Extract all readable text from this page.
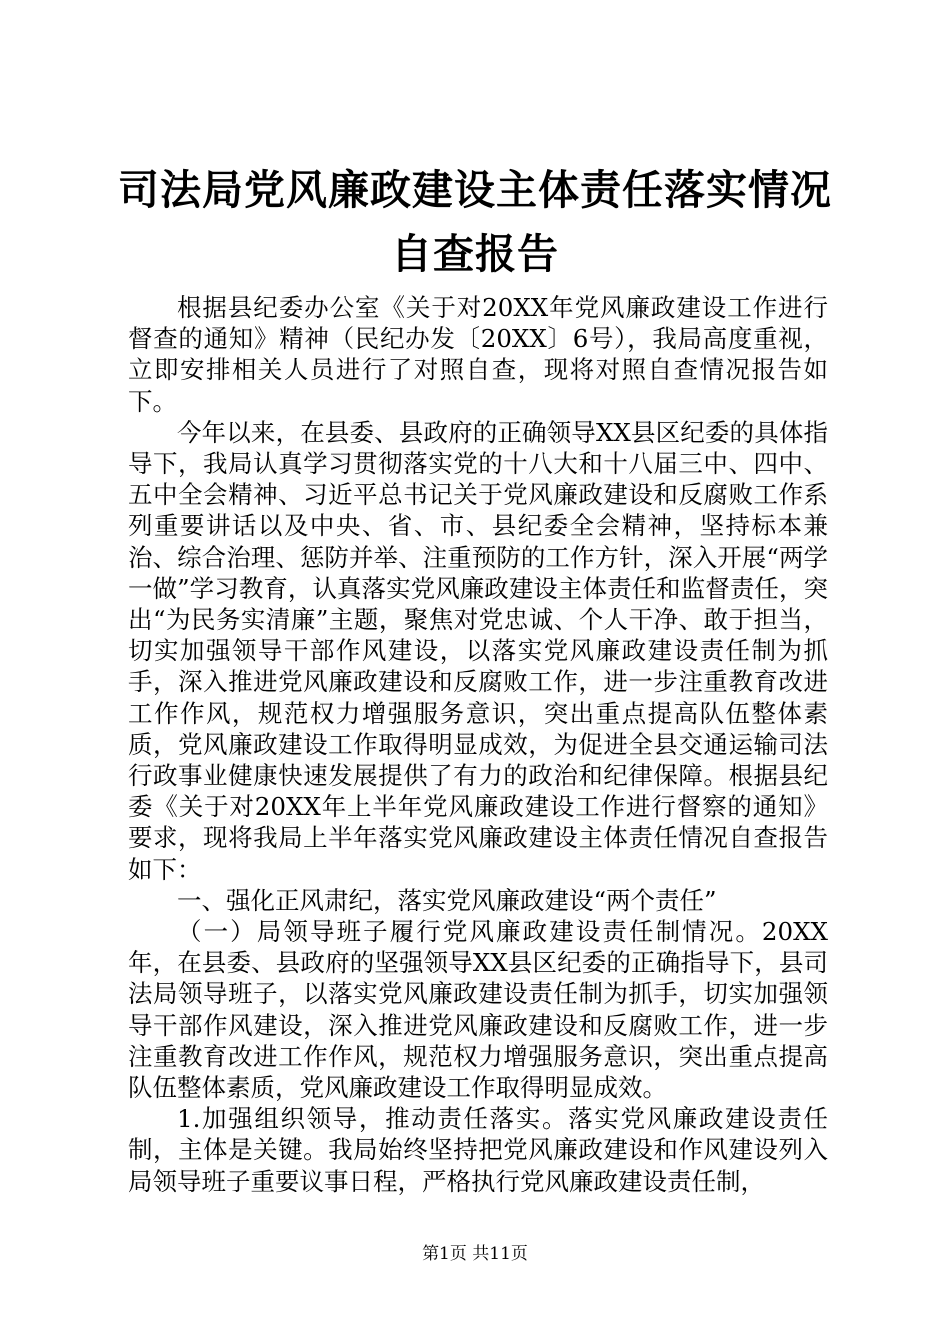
司法局党风廉政建设主体责任落实情况自查报告

根据县纪委办公室《关于对20XX年党风廉政建设工作进行督查的通知》精神（民纪办发〔20XX〕6号），我局高度重视，立即安排相关人员进行了对照自查，现将对照自查情况报告如下。

今年以来，在县委、县政府的正确领导XX县区纪委的具体指导下，我局认真学习贯彻落实党的十八大和十八届三中、四中、五中全会精神、习近平总书记关于党风廉政建设和反腐败工作系列重要讲话以及中央、省、市、县纪委全会精神，坚持标本兼治、综合治理、惩防并举、注重预防的工作方针，深入开展“两学一做”学习教育，认真落实党风廉政建设主体责任和监督责任，突出“为民务实清廉”主题，聚焦对党忠诚、个人干净、敢于担当，切实加强领导干部作风建设，以落实党风廉政建设责任制为抓手，深入推进党风廉政建设和反腐败工作，进一步注重教育改进工作作风，规范权力增强服务意识，突出重点提高队伍整体素质，党风廉政建设工作取得明显成效，为促进全县交通运输司法行政事业健康快速发展提供了有力的政治和纪律保障。根据县纪委《关于对20XX年上半年党风廉政建设工作进行督察的通知》要求，现将我局上半年落实党风廉政建设主体责任情况自查报告如下：

一、强化正风肃纪，落实党风廉政建设“两个责任”

（一）局领导班子履行党风廉政建设责任制情况。20XX年，在县委、县政府的坚强领导XX县区纪委的正确指导下，县司法局领导班子，以落实党风廉政建设责任制为抓手，切实加强领导干部作风建设，深入推进党风廉政建设和反腐败工作，进一步注重教育改进工作作风，规范权力增强服务意识，突出重点提高队伍整体素质，党风廉政建设工作取得明显成效。

1.加强组织领导，推动责任落实。落实党风廉政建设责任制，主体是关键。我局始终坚持把党风廉政建设和作风建设列入局领导班子重要议事日程，严格执行党风廉政建设责任制，

第1页 共11页
